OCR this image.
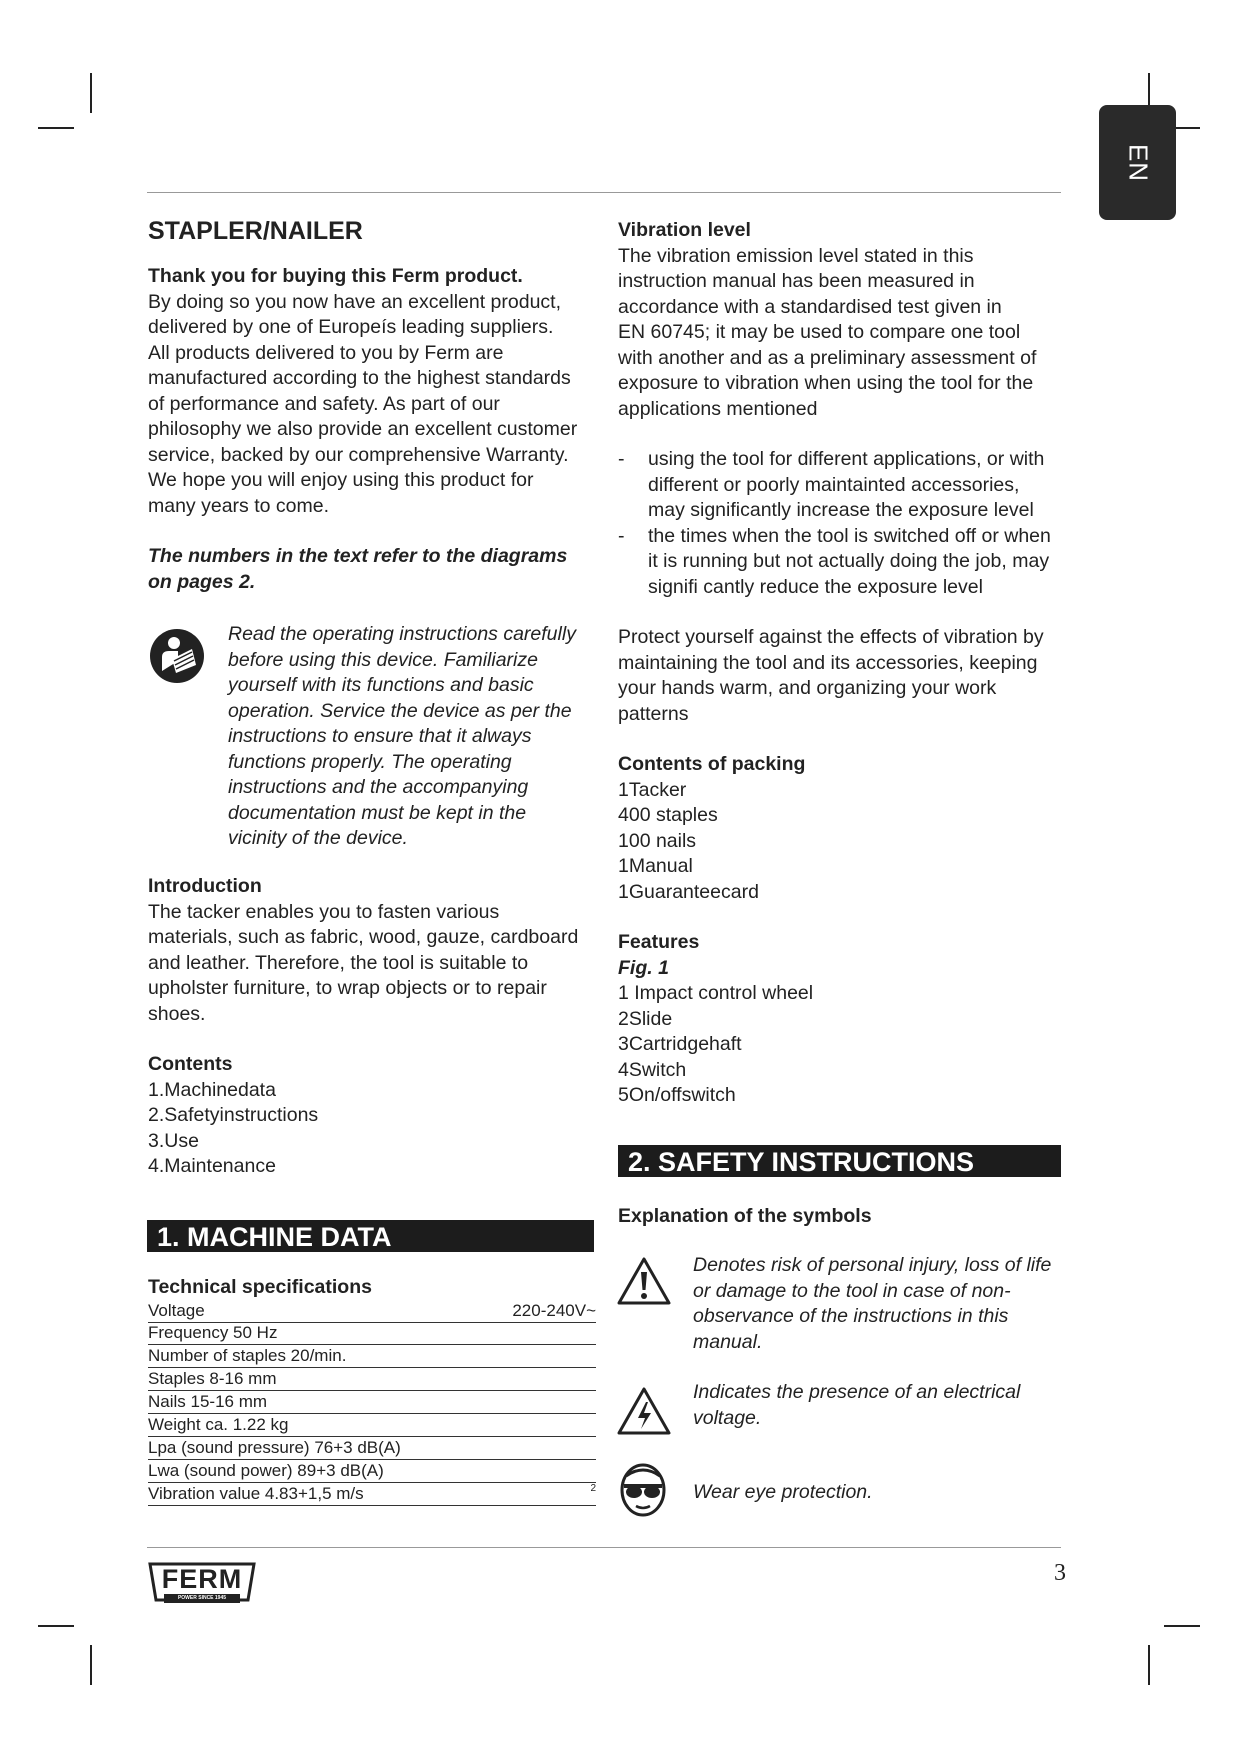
EN
STAPLER/NAILER

Thank you for buying this Ferm product.

By doing so you now have an excellent product,

delivered by one of Europeís leading suppliers.

All products delivered to you by Ferm are

manufactured according to the highest standards

of performance and safety. As part of our

philosophy we also provide an excellent customer

service, backed by our comprehensive Warranty.

We hope you will enjoy using this product for

many years to come.

The numbers in the text refer to the diagrams

on pages 2.

Read the operating instructions carefully

before using this device. Familiarize

yourself with its functions and basic

operation. Service the device as per the

instructions to ensure that it always

functions properly. The operating

instructions and the accompanying

documentation must be kept in the

vicinity of the device.

Introduction

The tacker enables you to fasten various

materials, such as fabric, wood, gauze, cardboard

and leather. Therefore, the tool is suitable to

upholster furniture, to wrap objects or to repair

shoes.

Contents

1.Machinedata

2.Safetyinstructions

3.Use

4.Maintenance

1. MACHINE DATA

Technical specifications

Voltage	220-240V~
Frequency 50 Hz
Number of staples 20/min.
Staples 8-16 mm
Nails 15-16 mm
Weight ca. 1.22 kg
Lpa (sound pressure) 76+3 dB(A)
Lwa (sound power) 89+3 dB(A)
Vibration value 4.83+1,5 m/s	2

Vibration level

The vibration emission level stated in this

instruction manual has been measured in

accordance with a standardised test given in

EN 60745; it may be used to compare one tool

with another and as a preliminary assessment of

exposure to vibration when using the tool for the

applications mentioned

- using the tool for different applications, or with
different or poorly maintainted accessories,
may significantly increase the exposure level
- the times when the tool is switched off or when
it is running but not actually doing the job, may
signifi cantly reduce the exposure level

Protect yourself against the effects of vibration by

maintaining the tool and its accessories, keeping

your hands warm, and organizing your work

patterns

Contents of packing

1Tacker

400 staples

100 nails

1Manual

1Guaranteecard

Features

Fig. 1

1 Impact control wheel

2Slide

3Cartridgehaft

4Switch

5On/offswitch

2. SAFETY INSTRUCTIONS

Explanation of the symbols

Denotes risk of personal injury, loss of life

or damage to the tool in case of non-

observance of the instructions in this

manual.

Indicates the presence of an electrical

voltage.

Wear eye protection.

FERM
POWER SINCE 1945
3
